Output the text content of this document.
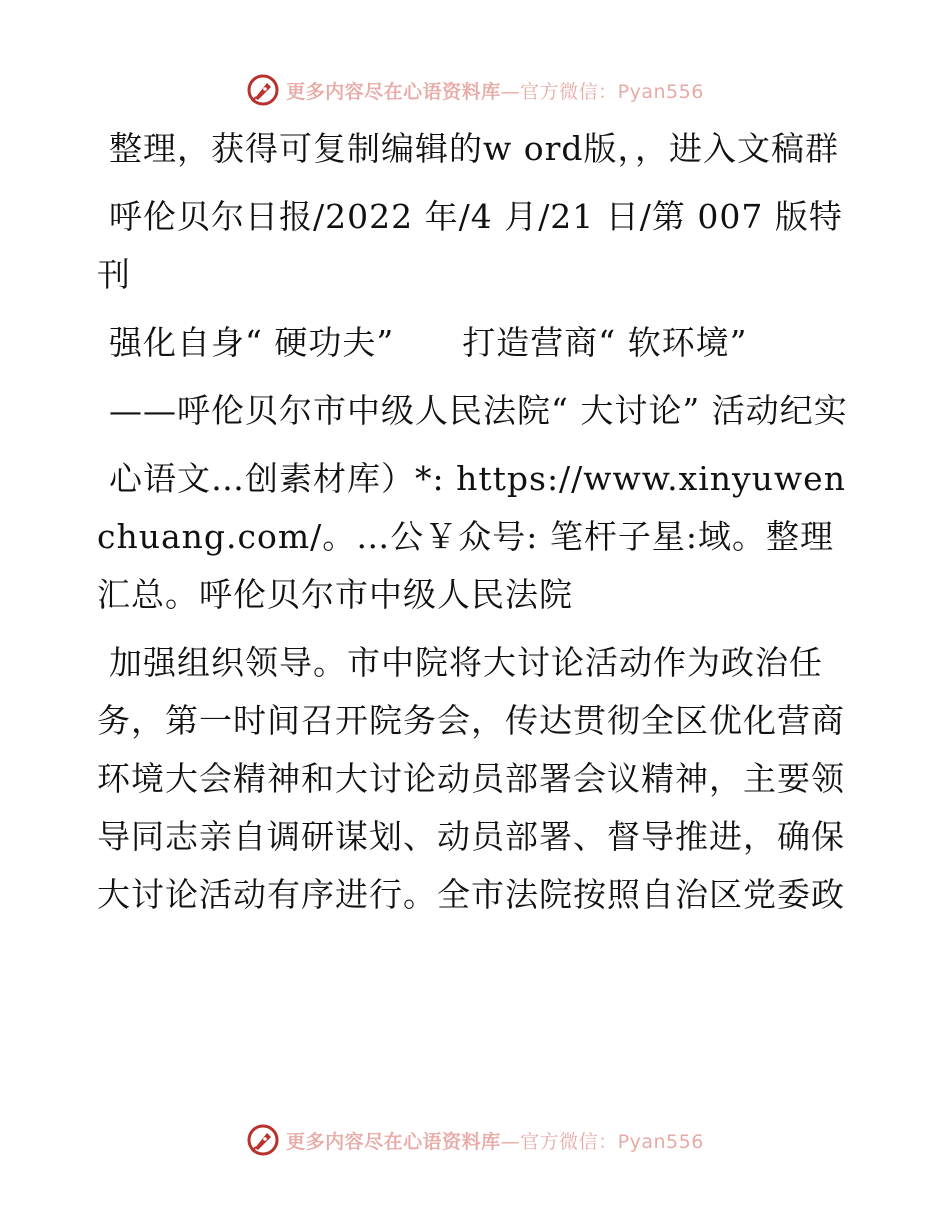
更多内容尽在心语资料库—官方微信：Pyan556

整理，获得可复制编辑的w ord版，，进入文稿群

呼伦贝尔日报/2022 年/4 月/21 日/第 007 版特刊

强化自身“ 硬功夫”　　打造营商“ 软环境”

——呼伦贝尔市中级人民法院“ 大讨论” 活动纪实

心语文…创素材库）*: https://www.xinyuwenchuang.com/。…公￥众号: 笔杆子星:域。整理汇总。呼伦贝尔市中级人民法院

加强组织领导。市中院将大讨论活动作为政治任务，第一时间召开院务会，传达贯彻全区优化营商环境大会精神和大讨论动员部署会议精神，主要领导同志亲自调研谋划、动员部署、督导推进，确保大讨论活动有序进行。全市法院按照自治区党委政

更多内容尽在心语资料库—官方微信：Pyan556
